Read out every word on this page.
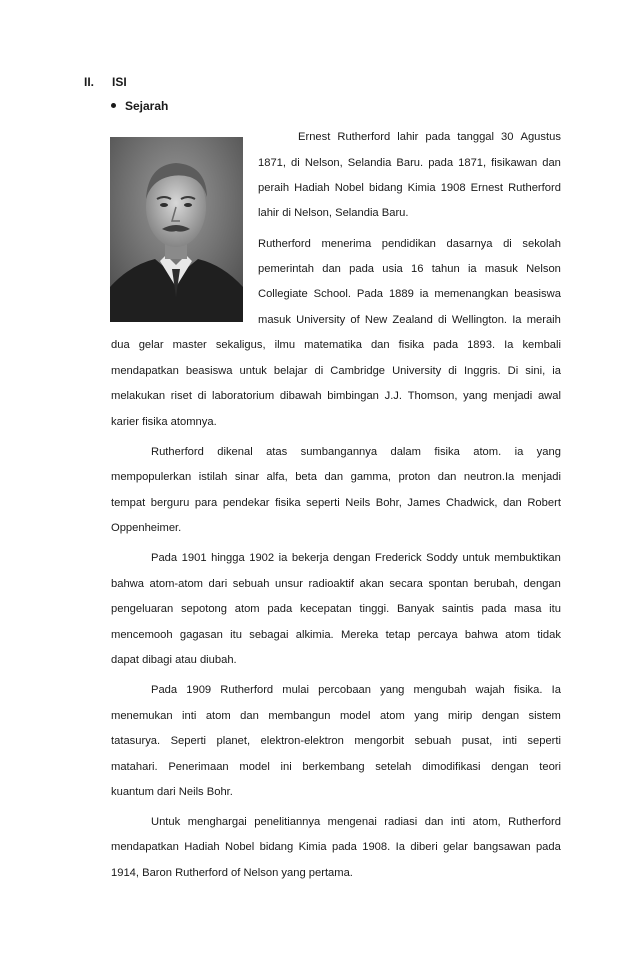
II. ISI
Sejarah
Ernest Rutherford lahir pada tanggal 30 Agustus
1871, di Nelson, Selandia Baru. pada 1871, fisikawan dan
peraih Hadiah Nobel bidang Kimia 1908 Ernest Rutherford
lahir di Nelson, Selandia Baru.
Rutherford menerima pendidikan dasarnya di sekolah
pemerintah dan pada usia 16 tahun ia masuk Nelson
Collegiate School. Pada 1889 ia memenangkan beasiswa
masuk University of New Zealand di Wellington. Ia meraih
dua gelar master sekaligus, ilmu matematika dan fisika pada 1893. Ia kembali
mendapatkan beasiswa untuk belajar di Cambridge University di Inggris. Di sini, ia
melakukan riset di laboratorium dibawah bimbingan J.J. Thomson, yang menjadi awal
karier fisika atomnya.
Rutherford dikenal atas sumbangannya dalam fisika atom. ia yang
mempopulerkan istilah sinar alfa, beta dan gamma, proton dan neutron.Ia menjadi
tempat berguru para pendekar fisika seperti Neils Bohr, James Chadwick, dan Robert
Oppenheimer.
Pada 1901 hingga 1902 ia bekerja dengan Frederick Soddy untuk membuktikan
bahwa atom-atom dari sebuah unsur radioaktif akan secara spontan berubah, dengan
pengeluaran sepotong atom pada kecepatan tinggi. Banyak saintis pada masa itu
mencemooh gagasan itu sebagai alkimia. Mereka tetap percaya bahwa atom tidak
dapat dibagi atau diubah.
Pada 1909 Rutherford mulai percobaan yang mengubah wajah fisika. Ia
menemukan inti atom dan membangun model atom yang mirip dengan sistem
tatasurya. Seperti planet, elektron-elektron mengorbit sebuah pusat, inti seperti
matahari. Penerimaan model ini berkembang setelah dimodifikasi dengan teori
kuantum dari Neils Bohr.
Untuk menghargai penelitiannya mengenai radiasi dan inti atom, Rutherford
mendapatkan Hadiah Nobel bidang Kimia pada 1908. Ia diberi gelar bangsawan pada
1914, Baron Rutherford of Nelson yang pertama.
